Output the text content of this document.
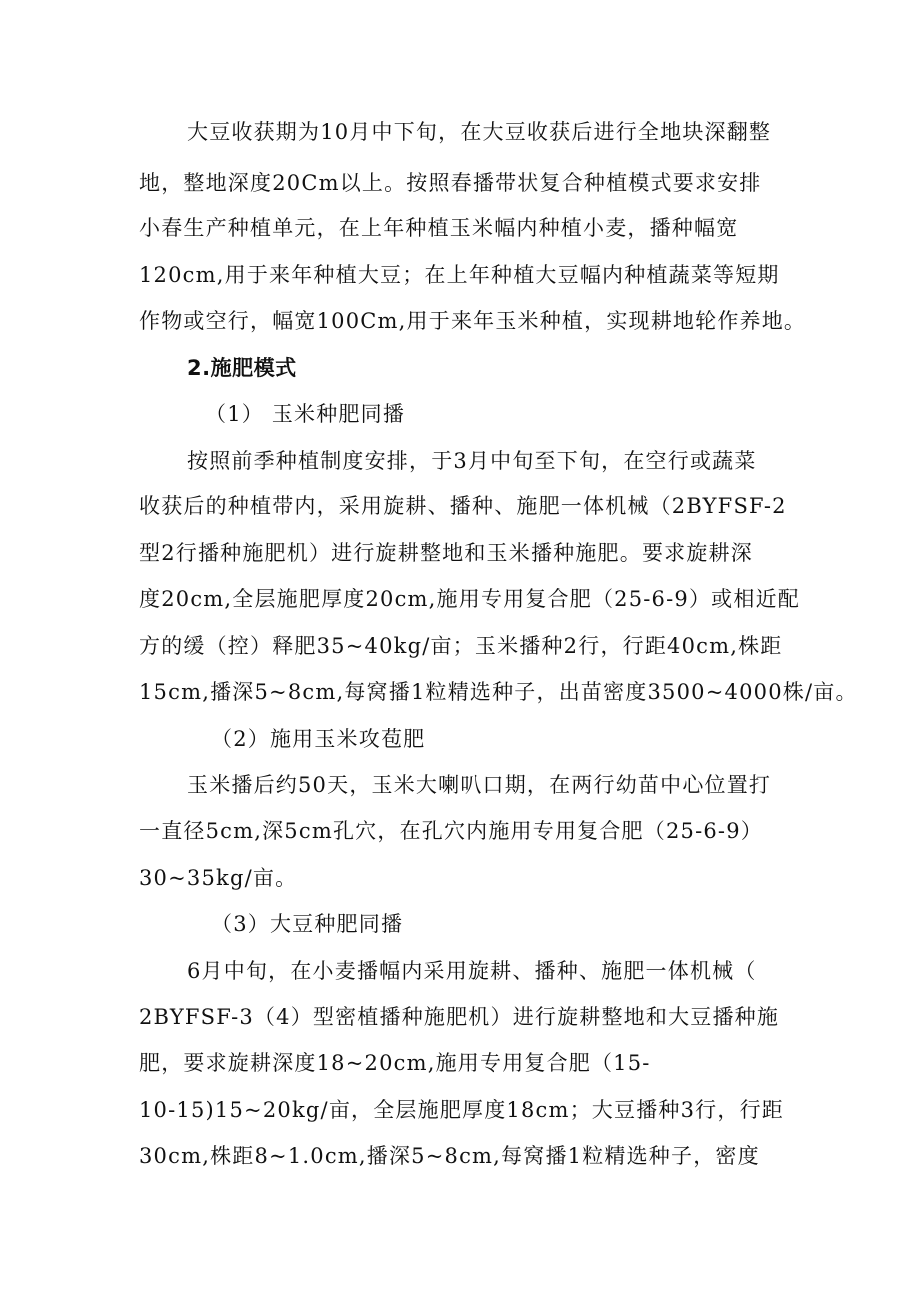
大豆收获期为10月中下旬，在大豆收获后进行全地块深翻整
地，整地深度20Cm以上。按照春播带状复合种植模式要求安排
小春生产种植单元，在上年种植玉米幅内种植小麦，播种幅宽
120cm,用于来年种植大豆；在上年种植大豆幅内种植蔬菜等短期
作物或空行，幅宽100Cm,用于来年玉米种植，实现耕地轮作养地。
2.施肥模式
（1） 玉米种肥同播
按照前季种植制度安排，于3月中旬至下旬，在空行或蔬菜
收获后的种植带内，采用旋耕、播种、施肥一体机械（2BYFSF-2
型2行播种施肥机）进行旋耕整地和玉米播种施肥。要求旋耕深
度20cm,全层施肥厚度20cm,施用专用复合肥（25-6-9）或相近配
方的缓（控）释肥35~40kg/亩；玉米播种2行，行距40cm,株距
15cm,播深5~8cm,每窝播1粒精选种子，出苗密度3500~4000株/亩。
（2）施用玉米攻苞肥
玉米播后约50天，玉米大喇叭口期，在两行幼苗中心位置打
一直径5cm,深5cm孔穴，在孔穴内施用专用复合肥（25-6-9）
30~35kg/亩。
（3）大豆种肥同播
6月中旬，在小麦播幅内采用旋耕、播种、施肥一体机械（
2BYFSF-3（4）型密植播种施肥机）进行旋耕整地和大豆播种施
肥，要求旋耕深度18~20cm,施用专用复合肥（15-
10-15)15~20kg/亩，全层施肥厚度18cm；大豆播种3行，行距
30cm,株距8~1.0cm,播深5~8cm,每窝播1粒精选种子，密度
